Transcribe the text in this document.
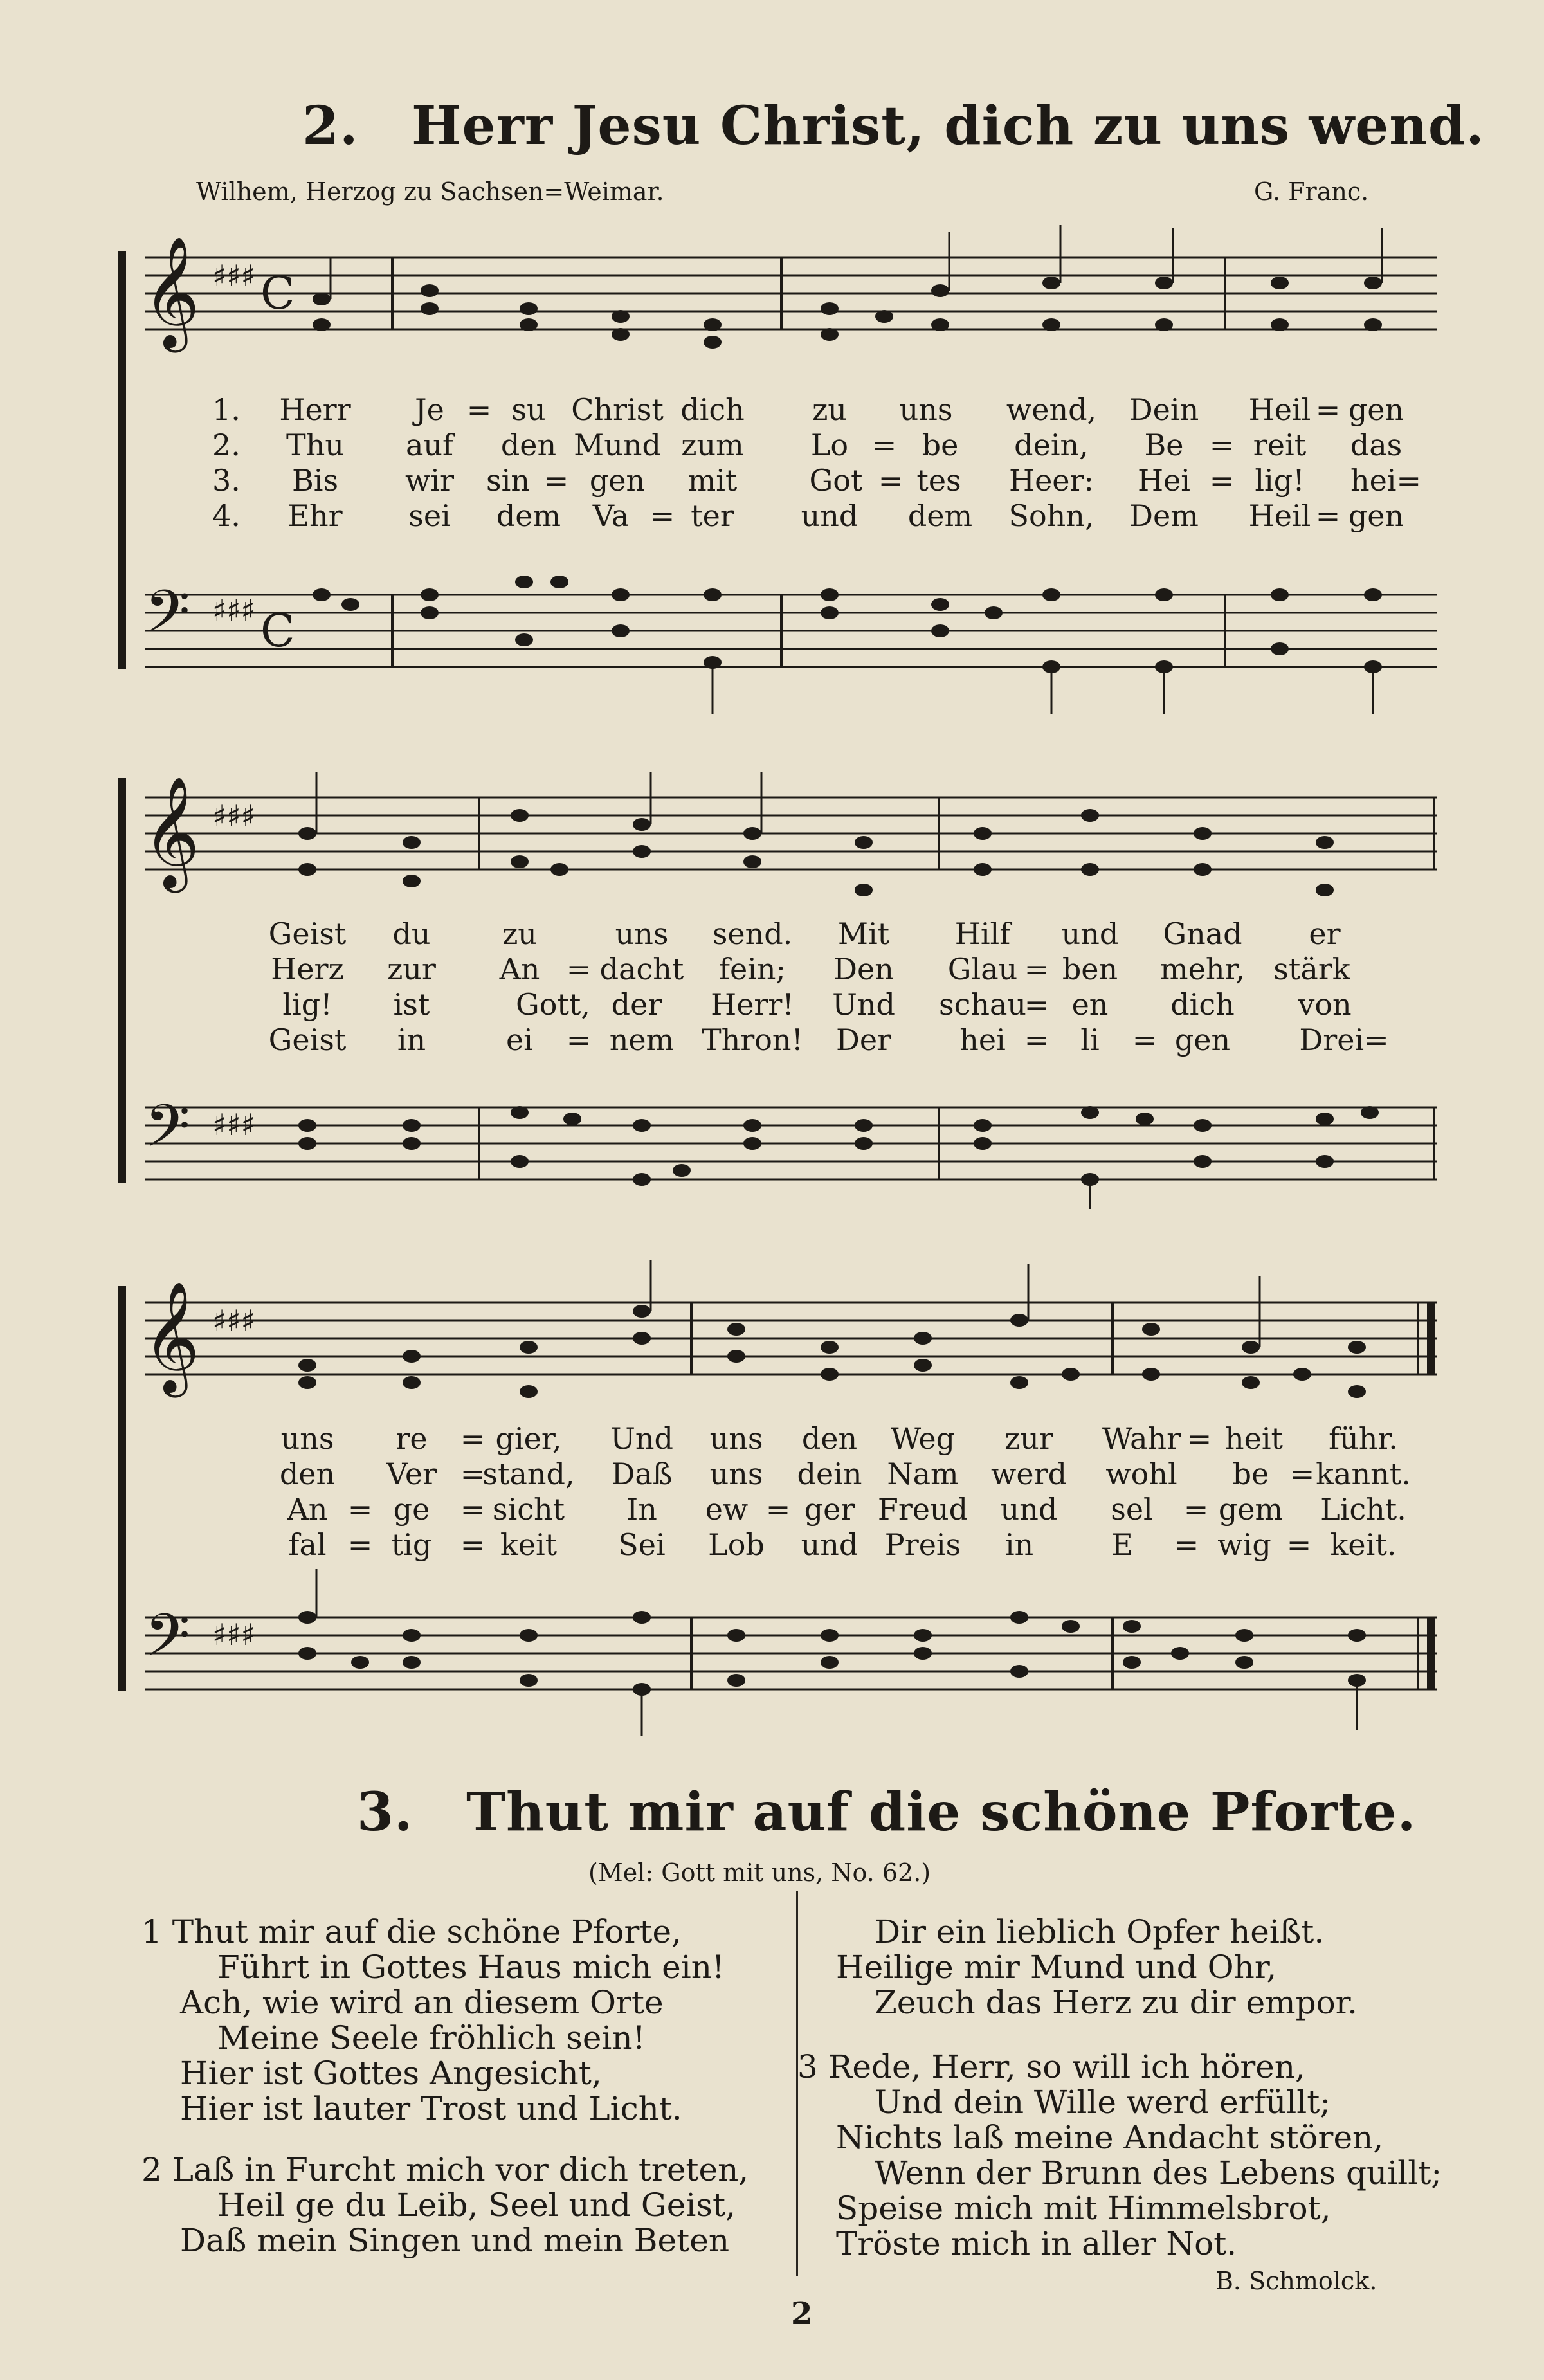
2. Herr Jesu Christ, dich zu uns wend.
Wilhem, Herzog zu Sachsen=Weimar.	G. Franc.
𝄞 ♯♯♯ C
𝄢 ♯♯♯ C
1. Herr Je = su Christ dich zu uns wend, Dein Heil = gen
2. Thu auf den Mund zum Lo = be dein, Be = reit das
3. Bis wir sin = gen mit Got = tes Heer: Hei = lig! hei=
4. Ehr sei dem Va = ter und dem Sohn, Dem Heil = gen
𝄞 ♯♯♯
𝄢 ♯♯♯
Geist du zu	uns send. Mit Hilf und Gnad er
Herz zur An = dacht fein; Den Glau = ben mehr, stärk
lig! ist	Gott, der Herr! Und schau
= en dich von
Geist in	ei = nem Thron! Der hei = li = gen Drei=
𝄞 ♯♯♯
𝄢 ♯♯♯
uns re = gier, Und uns den Weg zur Wahr = heit führ.
den Ver =
stand, Daß uns dein Nam werd wohl be = kannt.
An = ge = sicht In ew = ger Freud und sel = gem Licht.
fal = tig = keit Sei Lob und Preis in	E = wig = keit.
3. Thut mir auf die schöne Pforte.
(Mel: Gott mit uns, No. 62.)
1 Thut mir auf die schöne Pforte,
Führt in Gottes Haus mich ein!
Ach, wie wird an diesem Orte
Meine Seele fröhlich sein!
Hier ist Gottes Angesicht,
Hier ist lauter Trost und Licht.
2 Laß in Furcht mich vor dich treten,
Heil ge du Leib, Seel und Geist,
Daß mein Singen und mein Beten
Dir ein lieblich Opfer heißt.
Heilige mir Mund und Ohr,
Zeuch das Herz zu dir empor.
3 Rede, Herr, so will ich hören,
Und dein Wille werd erfüllt;
Nichts laß meine Andacht stören,
Wenn der Brunn des Lebens quillt;
Speise mich mit Himmelsbrot,
Tröste mich in aller Not.
B. Schmolck.
2
